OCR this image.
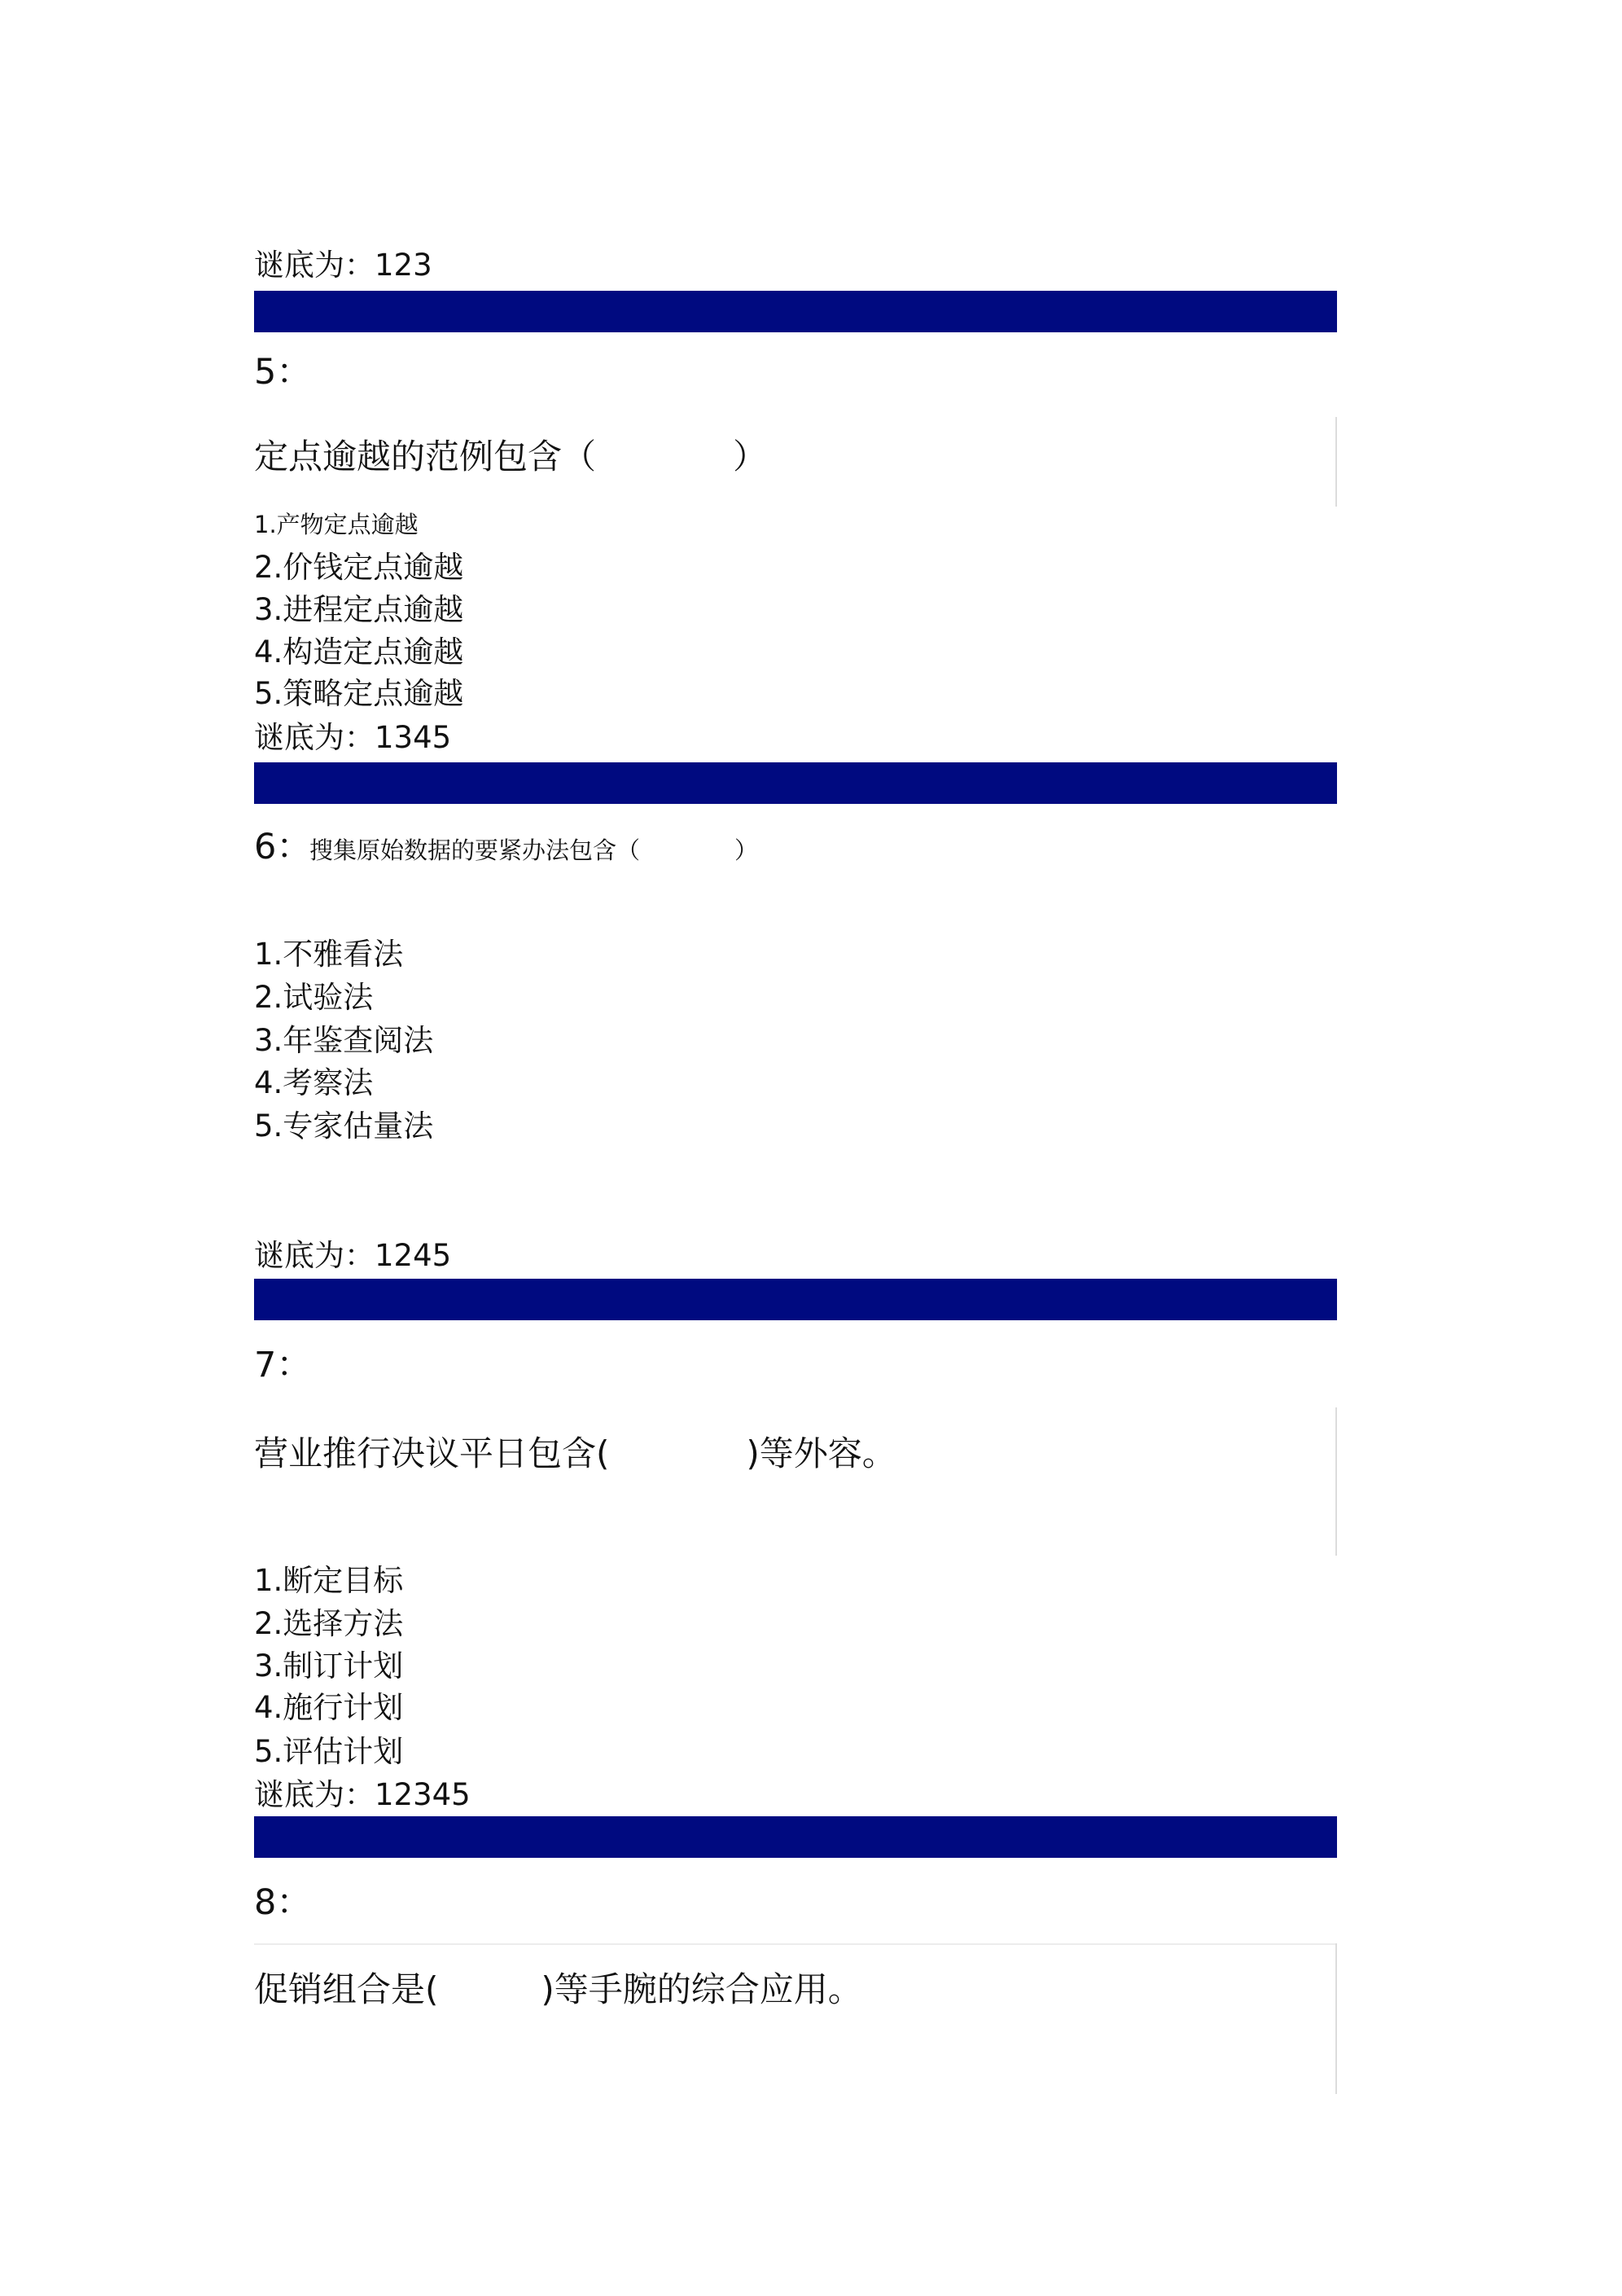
谜底为：123
5：
定点逾越的范例包含（　　　　）
1.产物定点逾越
2.价钱定点逾越
3.进程定点逾越
4.构造定点逾越
5.策略定点逾越
谜底为：1345
6：
搜集原始数据的要紧办法包含（　　　　）
1.不雅看法
2.试验法
3.年鉴查阅法
4.考察法
5.专家估量法
谜底为：1245
7：
营业推行决议平日包含(　　　　)等外容。
1.断定目标
2.选择方法
3.制订计划
4.施行计划
5.评估计划
谜底为：12345
8：
促销组合是(　　　)等手腕的综合应用。
